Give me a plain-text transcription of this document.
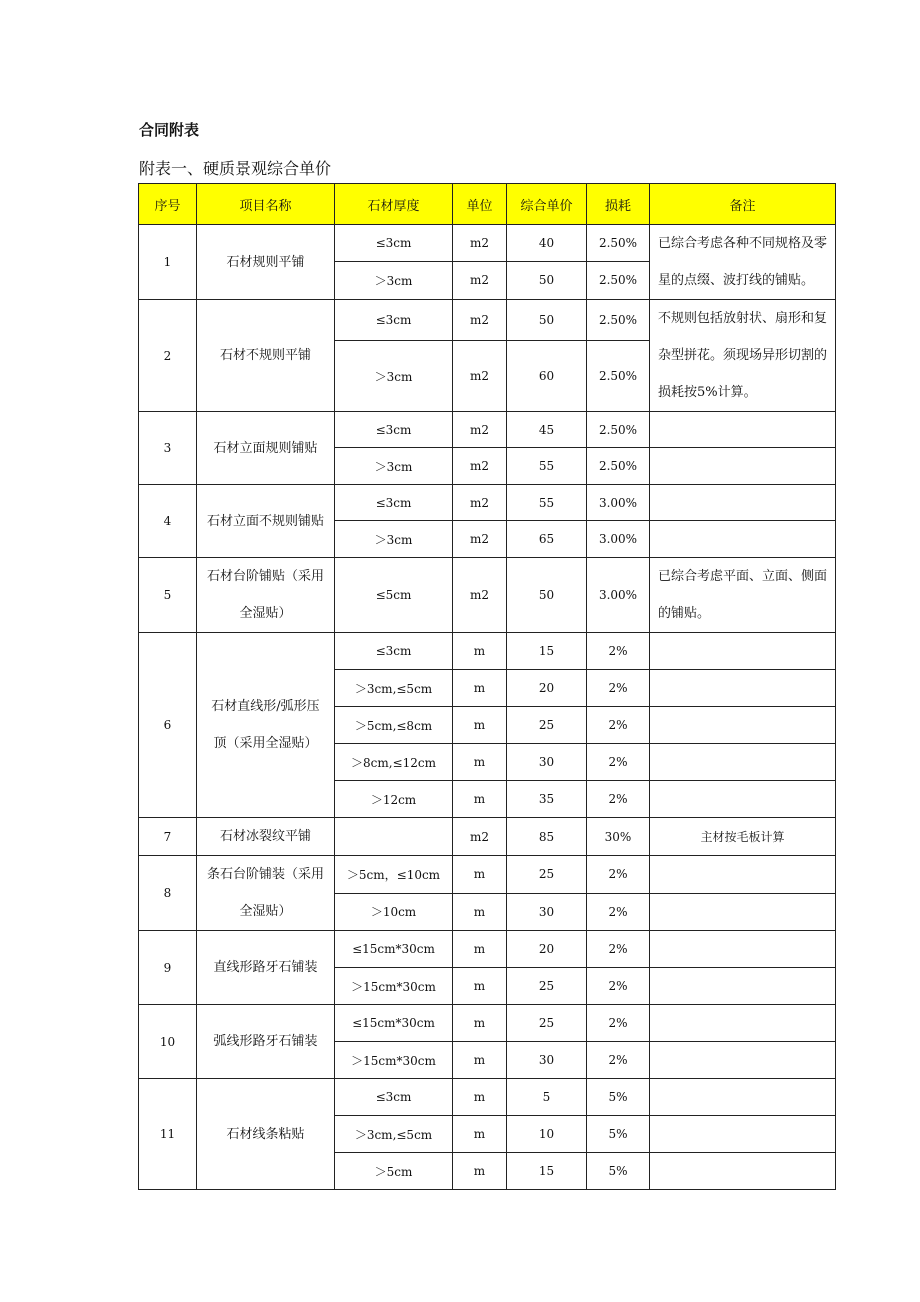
合同附表
附表一、硬质景观综合单价
序号	项目名称	石材厚度	单位	综合单价	损耗	备注
1	石材规则平铺	≤3cm	m2	40	2.50%	已综合考虑各种不同规格及零星的点缀、波打线的铺贴。
		＞3cm	m2	50	2.50%	
2	石材不规则平铺	≤3cm	m2	50	2.50%	不规则包括放射状、扇形和复杂型拼花。须现场异形切割的损耗按5%计算。
		＞3cm	m2	60	2.50%	
3	石材立面规则铺贴	≤3cm	m2	45	2.50%	
		＞3cm	m2	55	2.50%	
4	石材立面不规则铺贴	≤3cm	m2	55	3.00%	
		＞3cm	m2	65	3.00%	
5	石材台阶铺贴（采用全湿贴）	≤5cm	m2	50	3.00%	已综合考虑平面、立面、侧面的铺贴。
6	石材直线形/弧形压顶（采用全湿贴）	≤3cm	m	15	2%	
		＞3cm,≤5cm	m	20	2%	
		＞5cm,≤8cm	m	25	2%	
		＞8cm,≤12cm	m	30	2%	
		＞12cm	m	35	2%	
7	石材冰裂纹平铺		m2	85	30%	主材按毛板计算
8	条石台阶铺装（采用全湿贴）	＞5cm，≤10cm	m	25	2%	
		＞10cm	m	30	2%	
9	直线形路牙石铺装	≤15cm*30cm	m	20	2%	
		＞15cm*30cm	m	25	2%	
10	弧线形路牙石铺装	≤15cm*30cm	m	25	2%	
		＞15cm*30cm	m	30	2%	
11	石材线条粘贴	≤3cm	m	5	5%	
		＞3cm,≤5cm	m	10	5%	
		＞5cm	m	15	5%	
